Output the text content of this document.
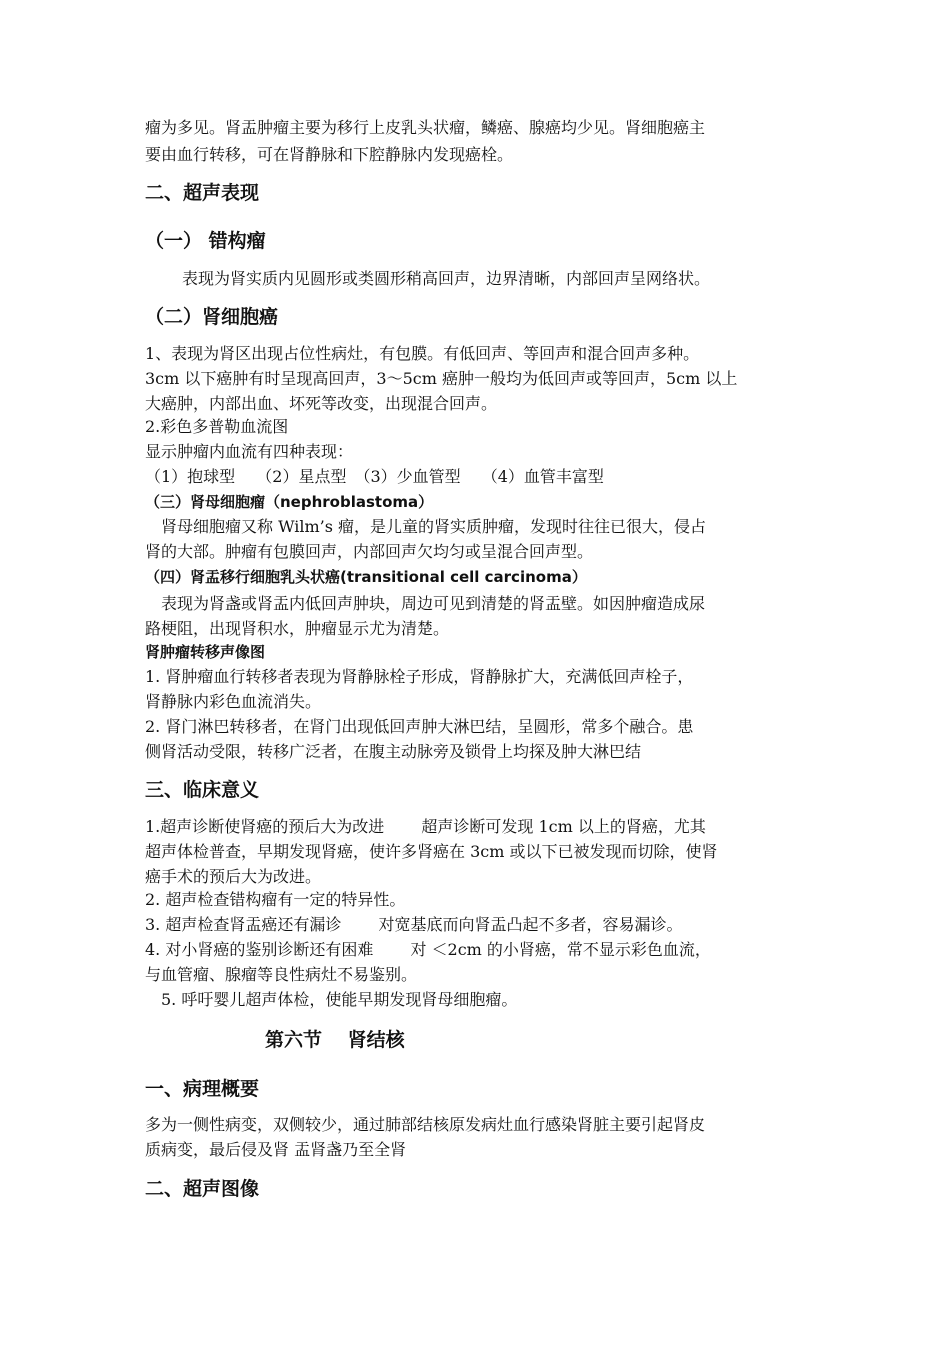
瘤为多见。肾盂肿瘤主要为移行上皮乳头状瘤，鳞癌、腺癌均少见。肾细胞癌主
要由血行转移，可在肾静脉和下腔静脉内发现癌栓。
二、超声表现
（一） 错构瘤
表现为肾实质内见圆形或类圆形稍高回声，边界清晰，内部回声呈网络状。
（二）肾细胞癌
1、表现为肾区出现占位性病灶，有包膜。有低回声、等回声和混合回声多种。
3cm 以下癌肿有时呈现高回声，3～5cm 癌肿一般均为低回声或等回声，5cm 以上
大癌肿，内部出血、坏死等改变，出现混合回声。
2.彩色多普勒血流图
显示肿瘤内血流有四种表现：
（1）抱球型　 （2）星点型　（3）少血管型　 （4）血管丰富型
（三）肾母细胞瘤（nephroblastoma）
　肾母细胞瘤又称 Wilm’s 瘤，是儿童的肾实质肿瘤，发现时往往已很大，侵占
肾的大部。肿瘤有包膜回声，内部回声欠均匀或呈混合回声型。
（四）肾盂移行细胞乳头状癌(transitional cell carcinoma）
　表现为肾盏或肾盂内低回声肿块，周边可见到清楚的肾盂壁。如因肿瘤造成尿
路梗阻，出现肾积水，肿瘤显示尤为清楚。
肾肿瘤转移声像图
1. 肾肿瘤血行转移者表现为肾静脉栓子形成，肾静脉扩大，充满低回声栓子，
肾静脉内彩色血流消失。
2. 肾门淋巴转移者，在肾门出现低回声肿大淋巴结，呈圆形，常多个融合。患
侧肾活动受限，转移广泛者，在腹主动脉旁及锁骨上均探及肿大淋巴结
三、临床意义
1.超声诊断使肾癌的预后大为改进　　 超声诊断可发现 1cm 以上的肾癌，尤其
超声体检普查，早期发现肾癌，使许多肾癌在 3cm 或以下已被发现而切除，使肾
癌手术的预后大为改进。
2. 超声检查错构瘤有一定的特异性。
3. 超声检查肾盂癌还有漏诊　　 对宽基底而向肾盂凸起不多者，容易漏诊。
4. 对小肾癌的鉴别诊断还有困难　　 对 ＜2cm 的小肾癌，常不显示彩色血流，
与血管瘤、腺瘤等良性病灶不易鉴别。
　5. 呼吁婴儿超声体检，使能早期发现肾母细胞瘤。
第六节　 肾结核
一、病理概要
多为一侧性病变，双侧较少，通过肺部结核原发病灶血行感染肾脏主要引起肾皮
质病变，最后侵及肾 盂肾盏乃至全肾
二、超声图像
